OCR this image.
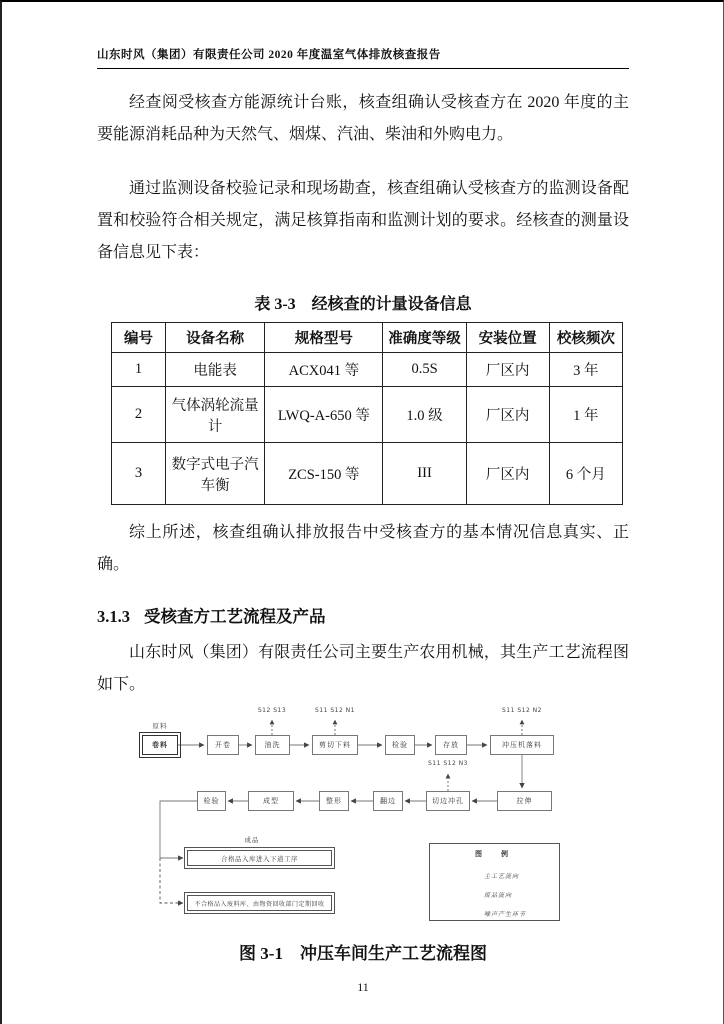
山东时风（集团）有限责任公司 2020 年度温室气体排放核查报告

经查阅受核查方能源统计台账，核查组确认受核查方在 2020 年度的主要能源消耗品种为天然气、烟煤、汽油、柴油和外购电力。

通过监测设备校验记录和现场勘查，核查组确认受核查方的监测设备配置和校验符合相关规定，满足核算指南和监测计划的要求。经核查的测量设备信息见下表：

表 3-3　经核查的计量设备信息
编号	设备名称	规格型号	准确度等级	安装位置	校核频次
1	电能表	ACX041 等	0.5S	厂区内	3 年
2	气体涡轮流量计	LWQ-A-650 等	1.0 级	厂区内	1 年
3	数字式电子汽车衡	ZCS-150 等	III	厂区内	6 个月

综上所述，核查组确认排放报告中受核查方的基本情况信息真实、正确。

3.1.3 受核查方工艺流程及产品

山东时风（集团）有限责任公司主要生产农用机械，其生产工艺流程图如下。

S12 S13	S11 S12 N1	S11 S12 N2
S11 S12 N3
原料
卷料	开卷	油洗	剪切下料	检验	存放	冲压机落料
拉伸
切边冲孔
翻边
整形
成型
检验
成品
合格品入库进入下道工序
不合格品入废料库、由物资回收部门定期回收
图　例
主工艺流向
废品流向
噪声产生环节
图 3-1　冲压车间生产工艺流程图
11
